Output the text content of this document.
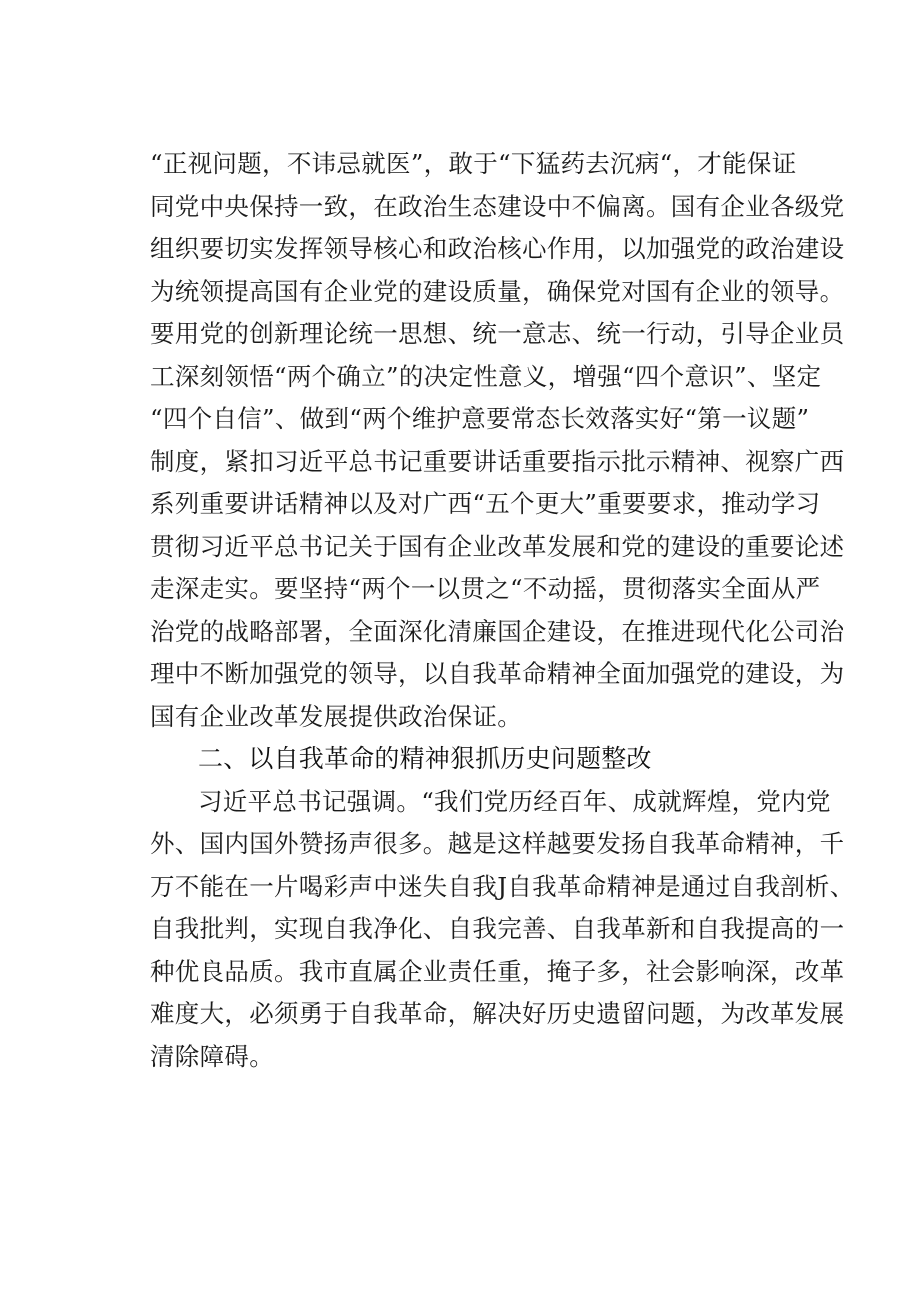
“正视问题，不讳忌就医”，敢于“下猛药去沉病“，才能保证
同党中央保持一致，在政治生态建设中不偏离。国有企业各级党
组织要切实发挥领导核心和政治核心作用，以加强党的政治建设
为统领提高国有企业党的建设质量，确保党对国有企业的领导。
要用党的创新理论统一思想、统一意志、统一行动，引导企业员
工深刻领悟“两个确立”的决定性意义，增强“四个意识”、坚定
“四个自信”、做到“两个维护意要常态长效落实好“第一议题”
制度，紧扣习近平总书记重要讲话重要指示批示精神、视察广西
系列重要讲话精神以及对广西“五个更大”重要要求，推动学习
贯彻习近平总书记关于国有企业改革发展和党的建设的重要论述
走深走实。要坚持“两个一以贯之“不动摇，贯彻落实全面从严
治党的战略部署，全面深化清廉国企建设，在推进现代化公司治
理中不断加强党的领导，以自我革命精神全面加强党的建设，为
国有企业改革发展提供政治保证。
二、以自我革命的精神狠抓历史问题整改
习近平总书记强调。“我们党历经百年、成就辉煌，党内党
外、国内国外赞扬声很多。越是这样越要发扬自我革命精神，千
万不能在一片喝彩声中迷失自我J自我革命精神是通过自我剖析、
自我批判，实现自我净化、自我完善、自我革新和自我提高的一
种优良品质。我市直属企业责任重，掩子多，社会影响深，改革
难度大，必须勇于自我革命，解决好历史遗留问题，为改革发展
清除障碍。
